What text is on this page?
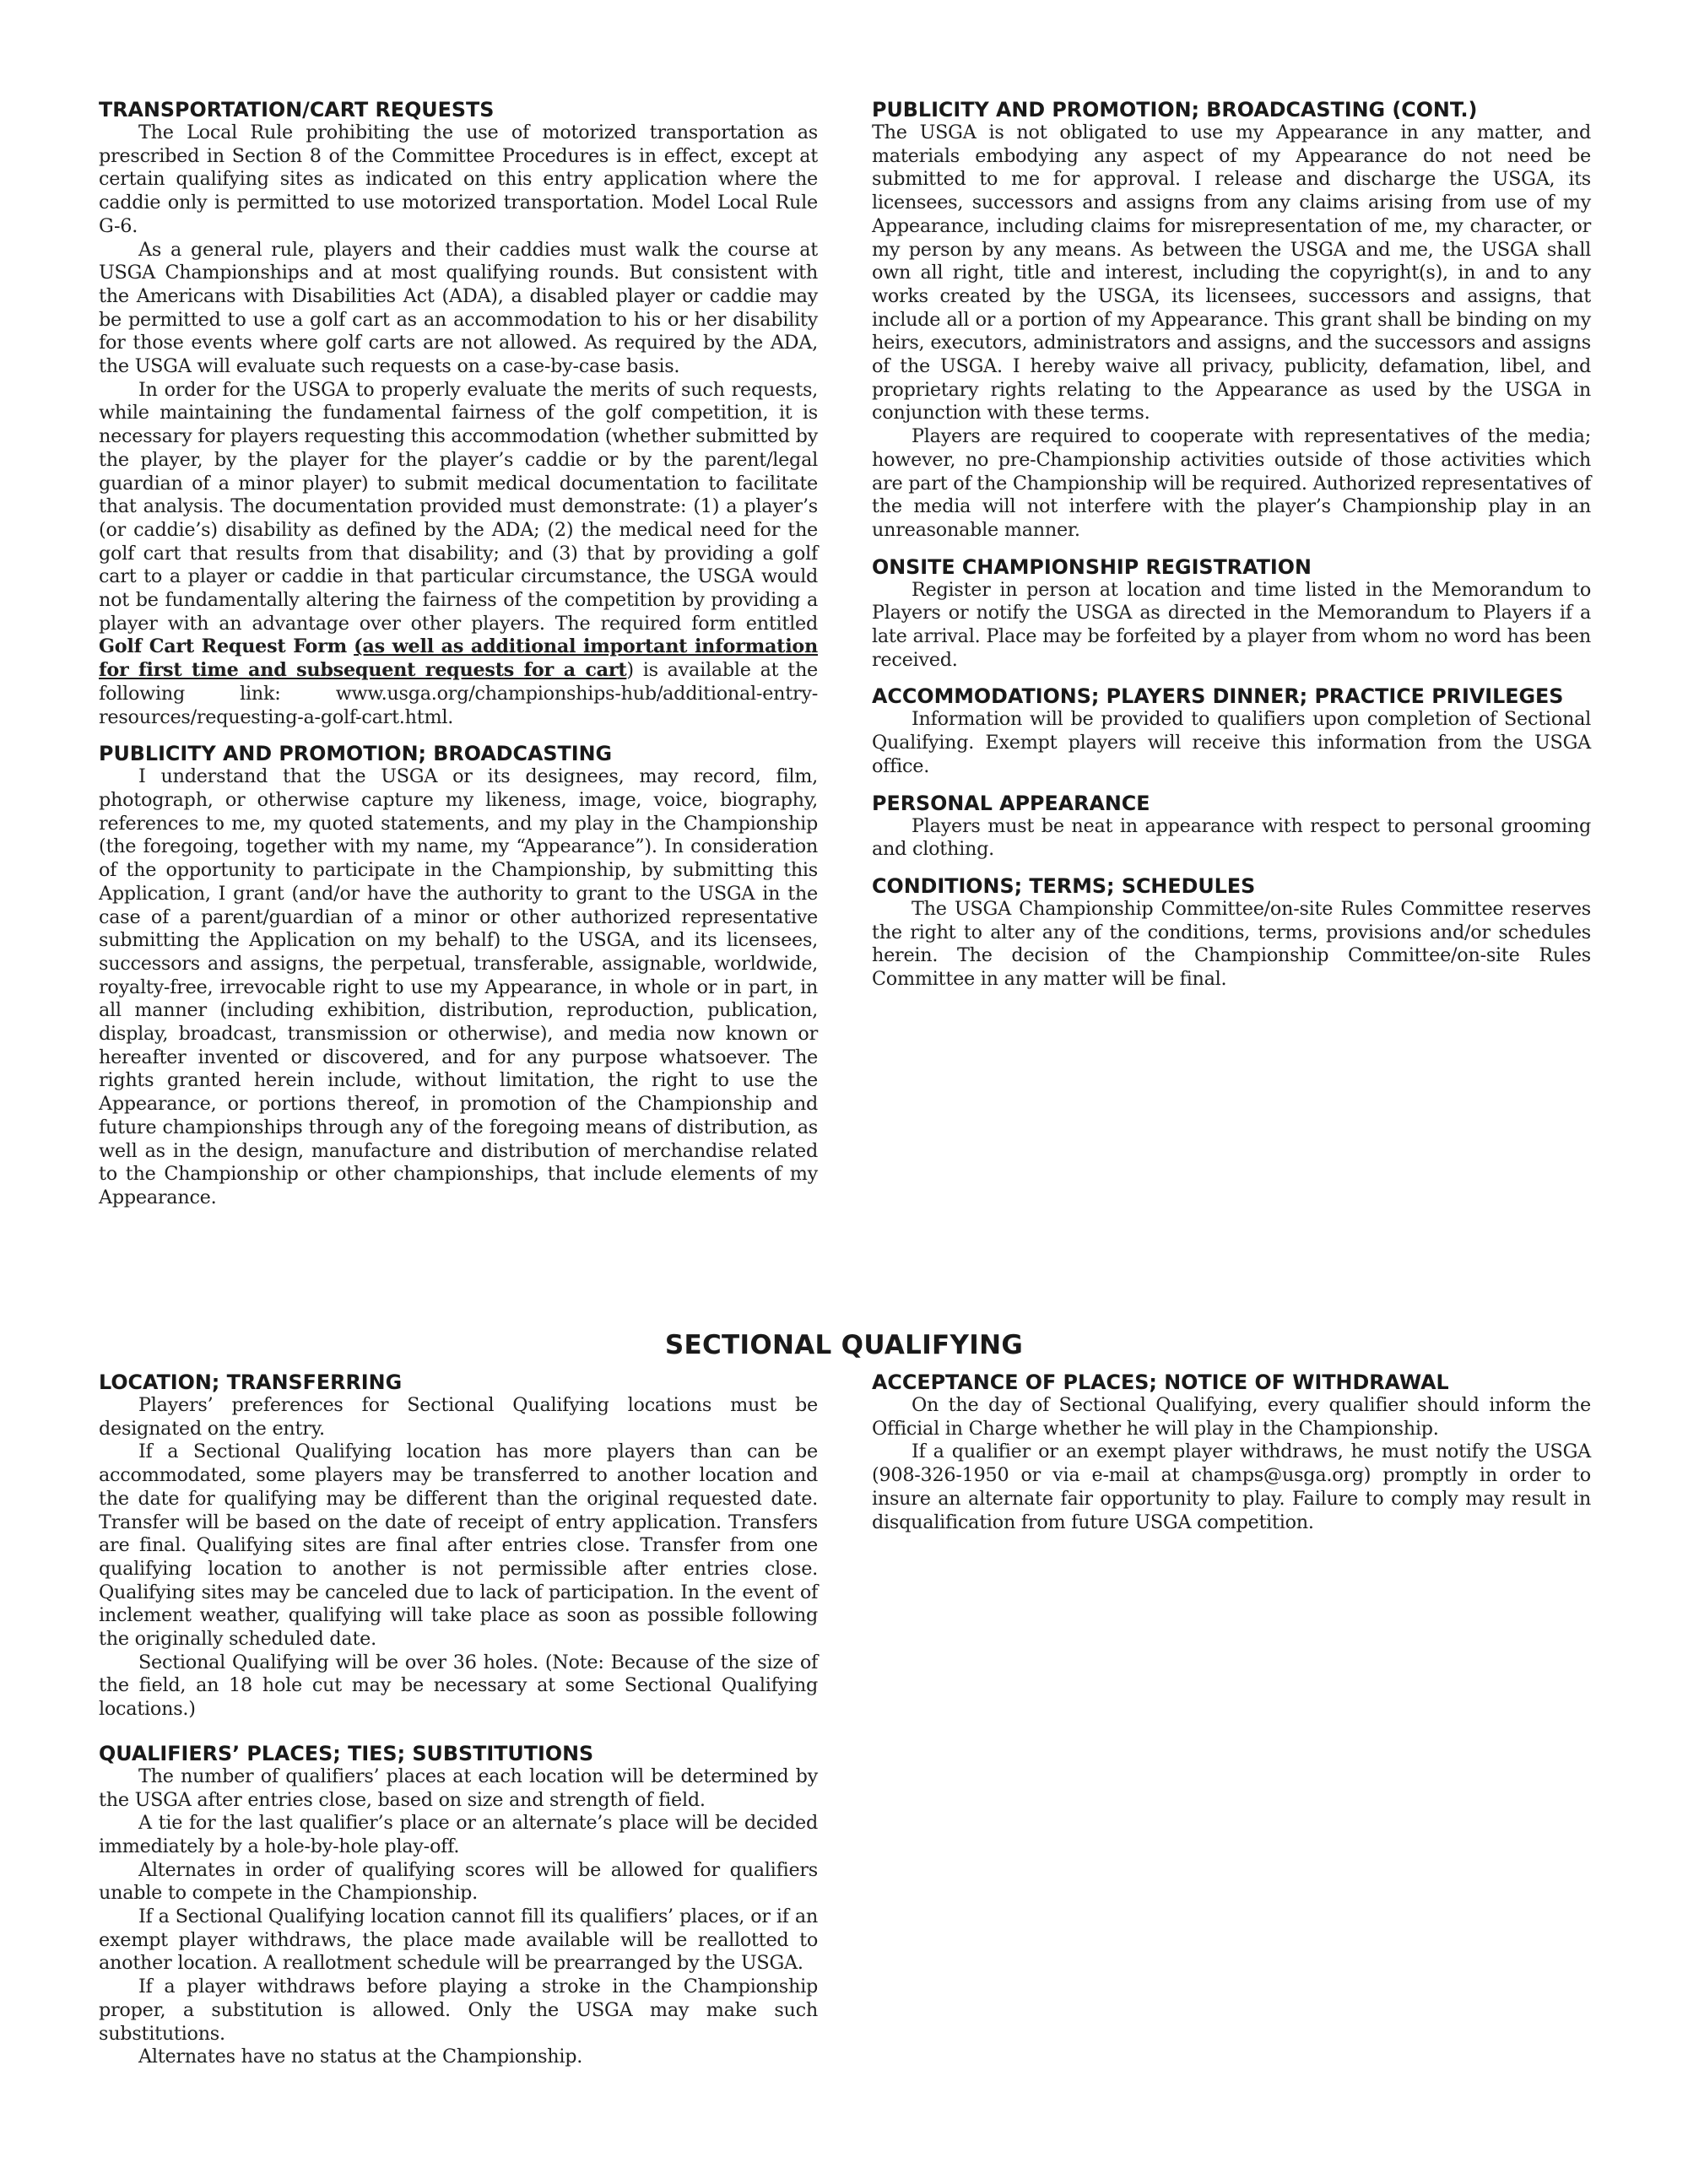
TRANSPORTATION/CART REQUESTS

The Local Rule prohibiting the use of motorized transportation as prescribed in Section 8 of the Committee Procedures is in effect, except at certain qualifying sites as indicated on this entry application where the caddie only is permitted to use motorized transportation. Model Local Rule G-6.

As a general rule, players and their caddies must walk the course at USGA Championships and at most qualifying rounds. But consistent with the Americans with Disabilities Act (ADA), a disabled player or caddie may be permitted to use a golf cart as an accommodation to his or her disability for those events where golf carts are not allowed. As required by the ADA, the USGA will evaluate such requests on a case-by-case basis.

In order for the USGA to properly evaluate the merits of such requests, while maintaining the fundamental fairness of the golf competition, it is necessary for players requesting this accommodation (whether submitted by the player, by the player for the player’s caddie or by the parent/legal guardian of a minor player) to submit medical documentation to facilitate that analysis. The documentation provided must demonstrate: (1) a player’s (or caddie’s) disability as defined by the ADA; (2) the medical need for the golf cart that results from that disability; and (3) that by providing a golf cart to a player or caddie in that particular circumstance, the USGA would not be fundamentally altering the fairness of the competition by providing a player with an advantage over other players. The required form entitled Golf Cart Request Form (as well as additional important information for first time and subsequent requests for a cart) is available at the following link: www.usga.org/championships-hub/additional-entry-resources/requesting-a-golf-cart.html.

PUBLICITY AND PROMOTION; BROADCASTING

I understand that the USGA or its designees, may record, film, photograph, or otherwise capture my likeness, image, voice, biography, references to me, my quoted statements, and my play in the Championship (the foregoing, together with my name, my “Appearance”). In consideration of the opportunity to participate in the Championship, by submitting this Application, I grant (and/or have the authority to grant to the USGA in the case of a parent/guardian of a minor or other authorized representative submitting the Application on my behalf) to the USGA, and its licensees, successors and assigns, the perpetual, transferable, assignable, worldwide, royalty-free, irrevocable right to use my Appearance, in whole or in part, in all manner (including exhibition, distribution, reproduction, publication, display, broadcast, transmission or otherwise), and media now known or hereafter invented or discovered, and for any purpose whatsoever. The rights granted herein include, without limitation, the right to use the Appearance, or portions thereof, in promotion of the Championship and future championships through any of the foregoing means of distribution, as well as in the design, manufacture and distribution of merchandise related to the Championship or other championships, that include elements of my Appearance.

PUBLICITY AND PROMOTION; BROADCASTING (CONT.)

The USGA is not obligated to use my Appearance in any matter, and materials embodying any aspect of my Appearance do not need be submitted to me for approval. I release and discharge the USGA, its licensees, successors and assigns from any claims arising from use of my Appearance, including claims for misrepresentation of me, my character, or my person by any means. As between the USGA and me, the USGA shall own all right, title and interest, including the copyright(s), in and to any works created by the USGA, its licensees, successors and assigns, that include all or a portion of my Appearance. This grant shall be binding on my heirs, executors, administrators and assigns, and the successors and assigns of the USGA. I hereby waive all privacy, publicity, defamation, libel, and proprietary rights relating to the Appearance as used by the USGA in conjunction with these terms.

Players are required to cooperate with representatives of the media; however, no pre-Championship activities outside of those activities which are part of the Championship will be required. Authorized representatives of the media will not interfere with the player’s Championship play in an unreasonable manner.

ONSITE CHAMPIONSHIP REGISTRATION

Register in person at location and time listed in the Memorandum to Players or notify the USGA as directed in the Memorandum to Players if a late arrival. Place may be forfeited by a player from whom no word has been received.

ACCOMMODATIONS; PLAYERS DINNER; PRACTICE PRIVILEGES

Information will be provided to qualifiers upon completion of Sectional Qualifying. Exempt players will receive this information from the USGA office.

PERSONAL APPEARANCE

Players must be neat in appearance with respect to personal grooming and clothing.

CONDITIONS; TERMS; SCHEDULES

The USGA Championship Committee/on-site Rules Committee reserves the right to alter any of the conditions, terms, provisions and/or schedules herein. The decision of the Championship Committee/on-site Rules Committee in any matter will be final.

SECTIONAL QUALIFYING
LOCATION; TRANSFERRING

Players’ preferences for Sectional Qualifying locations must be designated on the entry.

If a Sectional Qualifying location has more players than can be accommodated, some players may be transferred to another location and the date for qualifying may be different than the original requested date. Transfer will be based on the date of receipt of entry application. Transfers are final. Qualifying sites are final after entries close. Transfer from one qualifying location to another is not permissible after entries close. Qualifying sites may be canceled due to lack of participation. In the event of inclement weather, qualifying will take place as soon as possible following the originally scheduled date.

Sectional Qualifying will be over 36 holes. (Note: Because of the size of the field, an 18 hole cut may be necessary at some Sectional Qualifying locations.)

QUALIFIERS’ PLACES; TIES; SUBSTITUTIONS

The number of qualifiers’ places at each location will be determined by the USGA after entries close, based on size and strength of field.

A tie for the last qualifier’s place or an alternate’s place will be decided immediately by a hole-by-hole play-off.

Alternates in order of qualifying scores will be allowed for qualifiers unable to compete in the Championship.

If a Sectional Qualifying location cannot fill its qualifiers’ places, or if an exempt player withdraws, the place made available will be reallotted to another location. A reallotment schedule will be prearranged by the USGA.

If a player withdraws before playing a stroke in the Championship proper, a substitution is allowed. Only the USGA may make such substitutions.

Alternates have no status at the Championship.

ACCEPTANCE OF PLACES; NOTICE OF WITHDRAWAL

On the day of Sectional Qualifying, every qualifier should inform the Official in Charge whether he will play in the Championship.

If a qualifier or an exempt player withdraws, he must notify the USGA (908-326-1950 or via e-mail at champs@usga.org) promptly in order to insure an alternate fair opportunity to play. Failure to comply may result in disqualification from future USGA competition.
